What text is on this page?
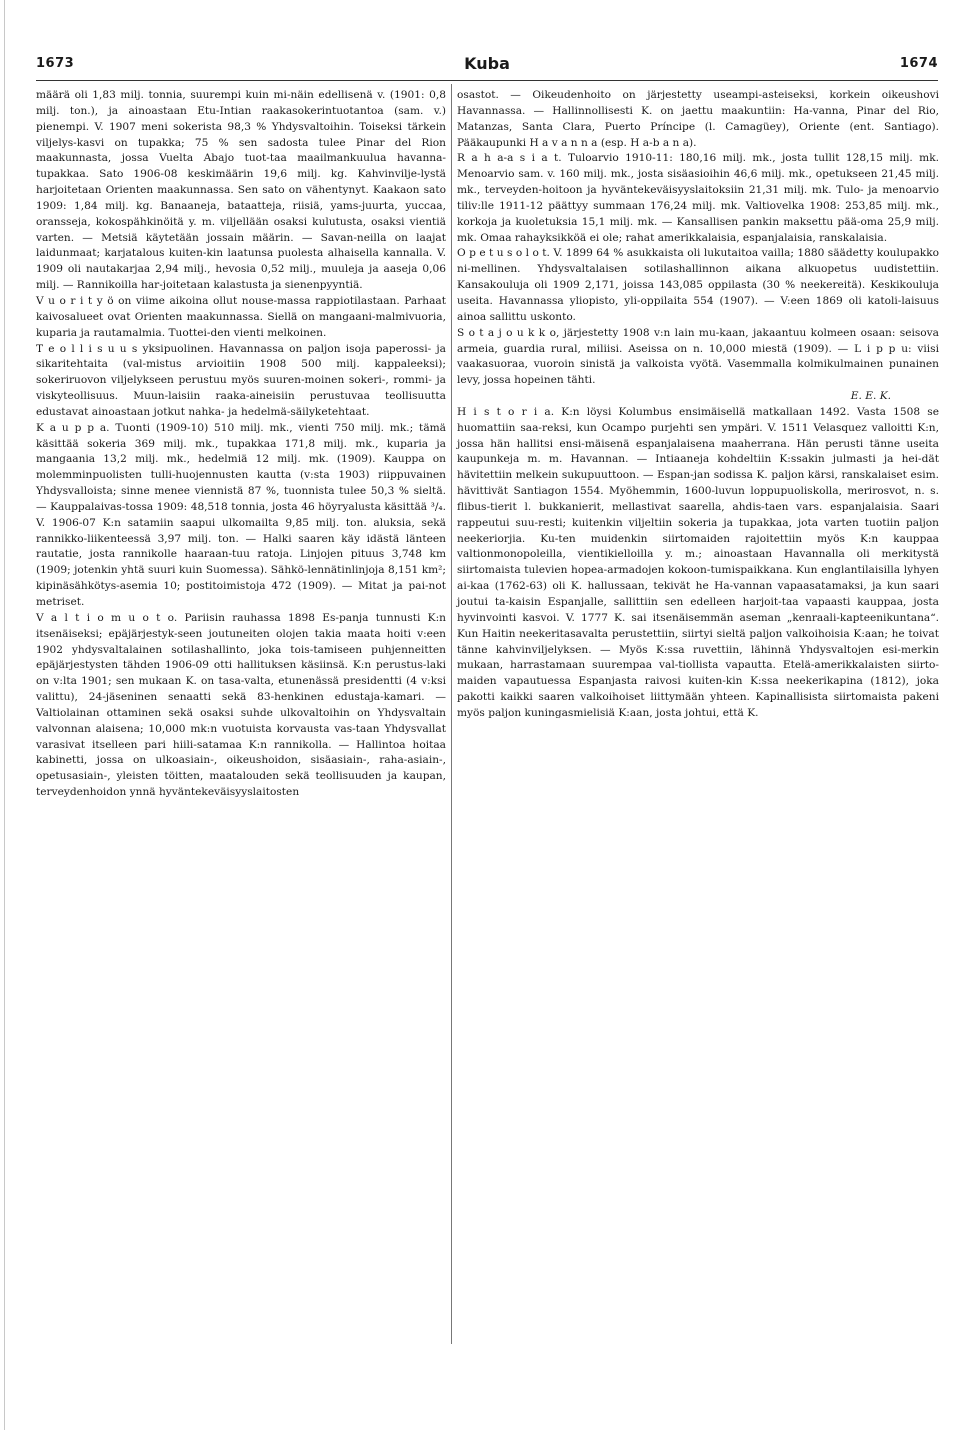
1673	Kuba	1674

määrä oli 1,83 milj. tonnia, suurempi kuin mi-näin edellisenä v. (1901: 0,8 milj. ton.), ja ainoastaan Etu-Intian raakasokerintuotantoa (sam. v.) pienempi. V. 1907 meni sokerista 98,3 % Yhdysvaltoihin. Toiseksi tärkein viljelys-kasvi on tupakka; 75 % sen sadosta tulee Pinar del Rion maakunnasta, jossa Vuelta Abajo tuot-taa maailmankuulua havanna-tupakkaa. Sato 1906-08 keskimäärin 19,6 milj. kg. Kahvinvilje-lystä harjoitetaan Orienten maakunnassa. Sen sato on vähentynyt. Kaakaon sato 1909: 1,84 milj. kg. Banaaneja, bataatteja, riisiä, yams-juurta, yuccaa, oransseja, kokospähkinöitä y. m. viljellään osaksi kulutusta, osaksi vientiä varten. — Metsiä käytetään jossain määrin. — Savan-neilla on laajat laidunmaat; karjatalous kuiten-kin laatunsa puolesta alhaisella kannalla. V. 1909 oli nautakarjaa 2,94 milj., hevosia 0,52 milj., muuleja ja aaseja 0,06 milj. — Rannikoilla har-joitetaan kalastusta ja sienenpyyntiä.

V u o r i t y ö on viime aikoina ollut nouse-massa rappiotilastaan. Parhaat kaivosalueet ovat Orienten maakunnassa. Siellä on mangaani-malmivuoria, kuparia ja rautamalmia. Tuottei-den vienti melkoinen.

T e o l l i s u u s yksipuolinen. Havannassa on paljon isoja paperossi- ja sikaritehtaita (val-mistus arvioitiin 1908 500 milj. kappaleeksi); sokeriruovon viljelykseen perustuu myös suuren-moinen sokeri-, rommi- ja viskyteollisuus. Muun-laisiin raaka-aineisiin perustuvaa teollisuutta edustavat ainoastaan jotkut nahka- ja hedelmä-säilyketehtaat.

K a u p p a. Tuonti (1909-10) 510 milj. mk., vienti 750 milj. mk.; tämä käsittää sokeria 369 milj. mk., tupakkaa 171,8 milj. mk., kuparia ja mangaania 13,2 milj. mk., hedelmiä 12 milj. mk. (1909). Kauppa on molemminpuolisten tulli-huojennusten kautta (v:sta 1903) riippuvainen Yhdysvalloista; sinne menee viennistä 87 %, tuonnista tulee 50,3 % sieltä. — Kauppalaivas-tossa 1909: 48,518 tonnia, josta 46 höyryalusta käsittää ³/₄. V. 1906-07 K:n satamiin saapui ulkomailta 9,85 milj. ton. aluksia, sekä rannikko-liikenteessä 3,97 milj. ton. — Halki saaren käy idästä länteen rautatie, josta rannikolle haaraan-tuu ratoja. Linjojen pituus 3,748 km (1909; jotenkin yhtä suuri kuin Suomessa). Sähkö-lennätinlinjoja 8,151 km²; kipinäsähkötys-asemia 10; postitoimistoja 472 (1909). — Mitat ja pai-not metriset.

V a l t i o m u o t o. Pariisin rauhassa 1898 Es-panja tunnusti K:n itsenäiseksi; epäjärjestyk-seen joutuneiten olojen takia maata hoiti v:een 1902 yhdysvaltalainen sotilashallinto, joka tois-tamiseen puhjenneitten epäjärjestysten tähden 1906-09 otti hallituksen käsiinsä. K:n perustus-laki on v:lta 1901; sen mukaan K. on tasa-valta, etunenässä presidentti (4 v:ksi valittu), 24-jäseninen senaatti sekä 83-henkinen edustaja-kamari. — Valtiolainan ottaminen sekä osaksi suhde ulkovaltoihin on Yhdysvaltain valvonnan alaisena; 10,000 mk:n vuotuista korvausta vas-taan Yhdysvallat varasivat itselleen pari hiili-satamaa K:n rannikolla. — Hallintoa hoitaa kabinetti, jossa on ulkoasiain-, oikeushoidon, sisäasiain-, raha-asiain-, opetusasiain-, yleisten töitten, maatalouden sekä teollisuuden ja kaupan, terveydenhoidon ynnä hyväntekeväisyyslaitosten

osastot. — Oikeudenhoito on järjestetty useampi-asteiseksi, korkein oikeushovi Havannassa. — Hallinnollisesti K. on jaettu maakuntiin: Ha-vanna, Pinar del Rio, Matanzas, Santa Clara, Puerto Príncipe (l. Camagüey), Oriente (ent. Santiago). Pääkaupunki H a v a n n a (esp. H a-b a n a).

R a h a-a s i a t. Tuloarvio 1910-11: 180,16 milj. mk., josta tullit 128,15 milj. mk. Menoarvio sam. v. 160 milj. mk., josta sisäasioihin 46,6 milj. mk., opetukseen 21,45 milj. mk., terveyden-hoitoon ja hyväntekeväisyyslaitoksiin 21,31 milj. mk. Tulo- ja menoarvio tiliv:lle 1911-12 päättyy summaan 176,24 milj. mk. Valtiovelka 1908: 253,85 milj. mk., korkoja ja kuoletuksia 15,1 milj. mk. — Kansallisen pankin maksettu pää-oma 25,9 milj. mk. Omaa rahayksikköä ei ole; rahat amerikkalaisia, espanjalaisia, ranskalaisia.

O p e t u s o l o t. V. 1899 64 % asukkaista oli lukutaitoa vailla; 1880 säädetty koulupakko ni-mellinen. Yhdysvaltalaisen sotilashallinnon aikana alkuopetus uudistettiin. Kansakouluja oli 1909 2,171, joissa 143,085 oppilasta (30 % neekereitä). Keskikouluja useita. Havannassa yliopisto, yli-oppilaita 554 (1907). — V:een 1869 oli katoli-laisuus ainoa sallittu uskonto.

S o t a j o u k k o, järjestetty 1908 v:n lain mu-kaan, jakaantuu kolmeen osaan: seisova armeia, guardia rural, miliisi. Aseissa on n. 10,000 miestä (1909). — L i p p u: viisi vaakasuoraa, vuoroin sinistä ja valkoista vyötä. Vasemmalla kolmikulmainen punainen levy, jossa hopeinen tähti.

E. E. K.

H i s t o r i a. K:n löysi Kolumbus ensimäisellä matkallaan 1492. Vasta 1508 se huomattiin saa-reksi, kun Ocampo purjehti sen ympäri. V. 1511 Velasquez valloitti K:n, jossa hän hallitsi ensi-mäisenä espanjalaisena maaherrana. Hän perusti tänne useita kaupunkeja m. m. Havannan. — Intiaaneja kohdeltiin K:ssakin julmasti ja hei-dät hävitettiin melkein sukupuuttoon. — Espan-jan sodissa K. paljon kärsi, ranskalaiset esim. hävittivät Santiagon 1554. Myöhemmin, 1600-luvun loppupuoliskolla, merirosvot, n. s. flibus-tierit l. bukkanierit, mellastivat saarella, ahdis-taen vars. espanjalaisia. Saari rappeutui suu-resti; kuitenkin viljeltiin sokeria ja tupakkaa, jota varten tuotiin paljon neekeriorjia. Ku-ten muidenkin siirtomaiden rajoitettiin myös K:n kauppaa valtionmonopoleilla, vientikielloilla y. m.; ainoastaan Havannalla oli merkitystä siirtomaista tulevien hopea-armadojen kokoon-tumispaikkana. Kun englantilaisilla lyhyen ai-kaa (1762-63) oli K. hallussaan, tekivät he Ha-vannan vapaasatamaksi, ja kun saari joutui ta-kaisin Espanjalle, sallittiin sen edelleen harjoit-taa vapaasti kauppaa, josta hyvinvointi kasvoi. V. 1777 K. sai itsenäisemmän aseman „kenraali-kapteenikuntana“. Kun Haitin neekeritasavalta perustettiin, siirtyi sieltä paljon valkoihoisia K:aan; he toivat tänne kahvinviljelyksen. — Myös K:ssa ruvettiin, lähinnä Yhdysvaltojen esi-merkin mukaan, harrastamaan suurempaa val-tiollista vapautta. Etelä-amerikkalaisten siirto-maiden vapautuessa Espanjasta raivosi kuiten-kin K:ssa neekerikapina (1812), joka pakotti kaikki saaren valkoihoiset liittymään yhteen. Kapinallisista siirtomaista pakeni myös paljon kuningasmielisiä K:aan, josta johtui, että K.
